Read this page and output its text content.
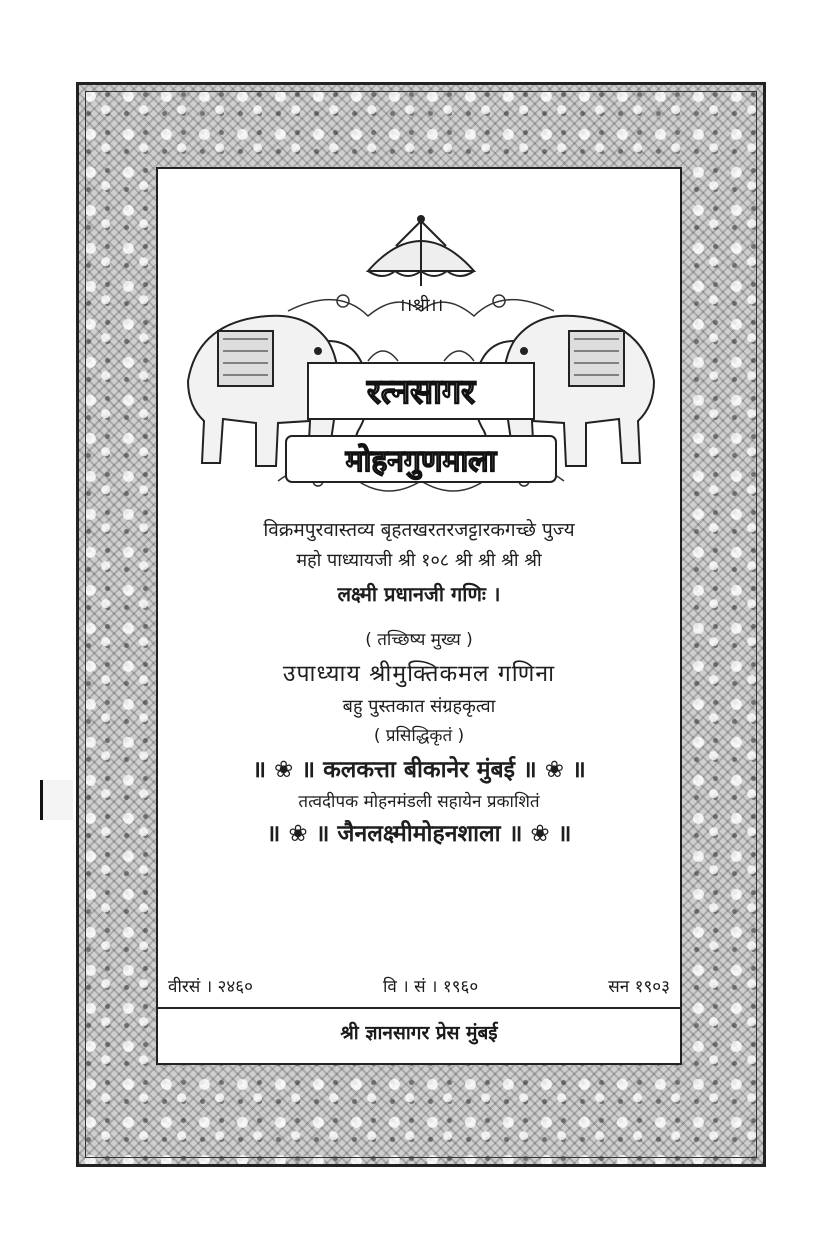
।।श्री।।
रत्नसागर
मोहनगुणमाला
विक्रमपुरवास्तव्य बृहतखरतरजट्टारकगच्छे पुज्य
महो पाध्यायजी श्री १०८ श्री श्री श्री श्री
लक्ष्मी प्रधानजी गणिः ।
( तच्छिष्य मुख्य )
उपाध्याय श्रीमुक्तिकमल गणिना
बहु पुस्तकात संग्रहकृत्वा
( प्रसिद्धिकृतं )
॥ ❀ ॥ कलकत्ता बीकानेर मुंबई ॥ ❀ ॥
तत्वदीपक मोहनमंडली सहायेन प्रकाशितं
॥ ❀ ॥ जैनलक्ष्मीमोहनशाला ॥ ❀ ॥
वीरसं । २४६०	वि । सं । १९६०	सन १९०३
श्री ज्ञानसागर प्रेस मुंबई
